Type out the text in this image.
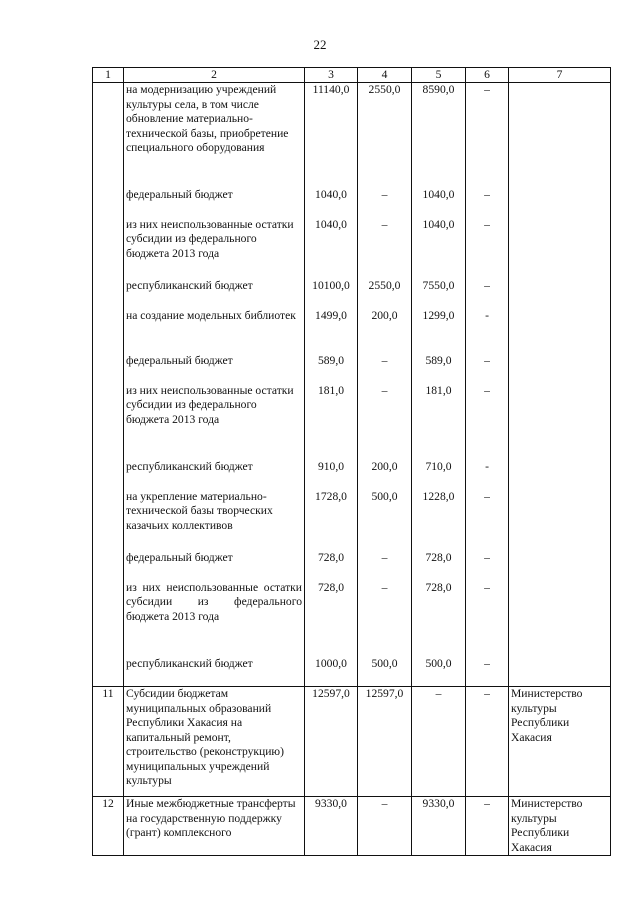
22
1	2	3	4	5	6	7
	на модернизацию учреждений культуры села, в том числе обновление материально-технической базы, приобретение специального оборудования	11140,0	2550,0	8590,0	–	
	федеральный бюджет	1040,0	–	1040,0	–	
	из них неиспользованные остатки субсидии из федерального бюджета 2013 года	1040,0	–	1040,0	–	
	республиканский бюджет	10100,0	2550,0	7550,0	–	
	на создание модельных библиотек	1499,0	200,0	1299,0	-	
	федеральный бюджет	589,0	–	589,0	–	
	из них неиспользованные остатки субсидии из федерального бюджета 2013 года	181,0	–	181,0	–	
	республиканский бюджет	910,0	200,0	710,0	-	
	на укрепление материально-технической базы творческих казачьих коллективов	1728,0	500,0	1228,0	–	
	федеральный бюджет	728,0	–	728,0	–	
	из них неиспользованные остатки субсидии из федерального бюджета 2013 года	728,0	–	728,0	–	
	республиканский бюджет	1000,0	500,0	500,0	–	
11	Субсидии бюджетам муниципальных образований Республики Хакасия на капитальный ремонт, строительство (реконструкцию) муниципальных учреждений культуры	12597,0	12597,0	–	–	Министерство культуры Республики Хакасия
12	Иные межбюджетные трансферты на государственную поддержку (грант) комплексного	9330,0	–	9330,0	–	Министерство культуры Республики Хакасия
